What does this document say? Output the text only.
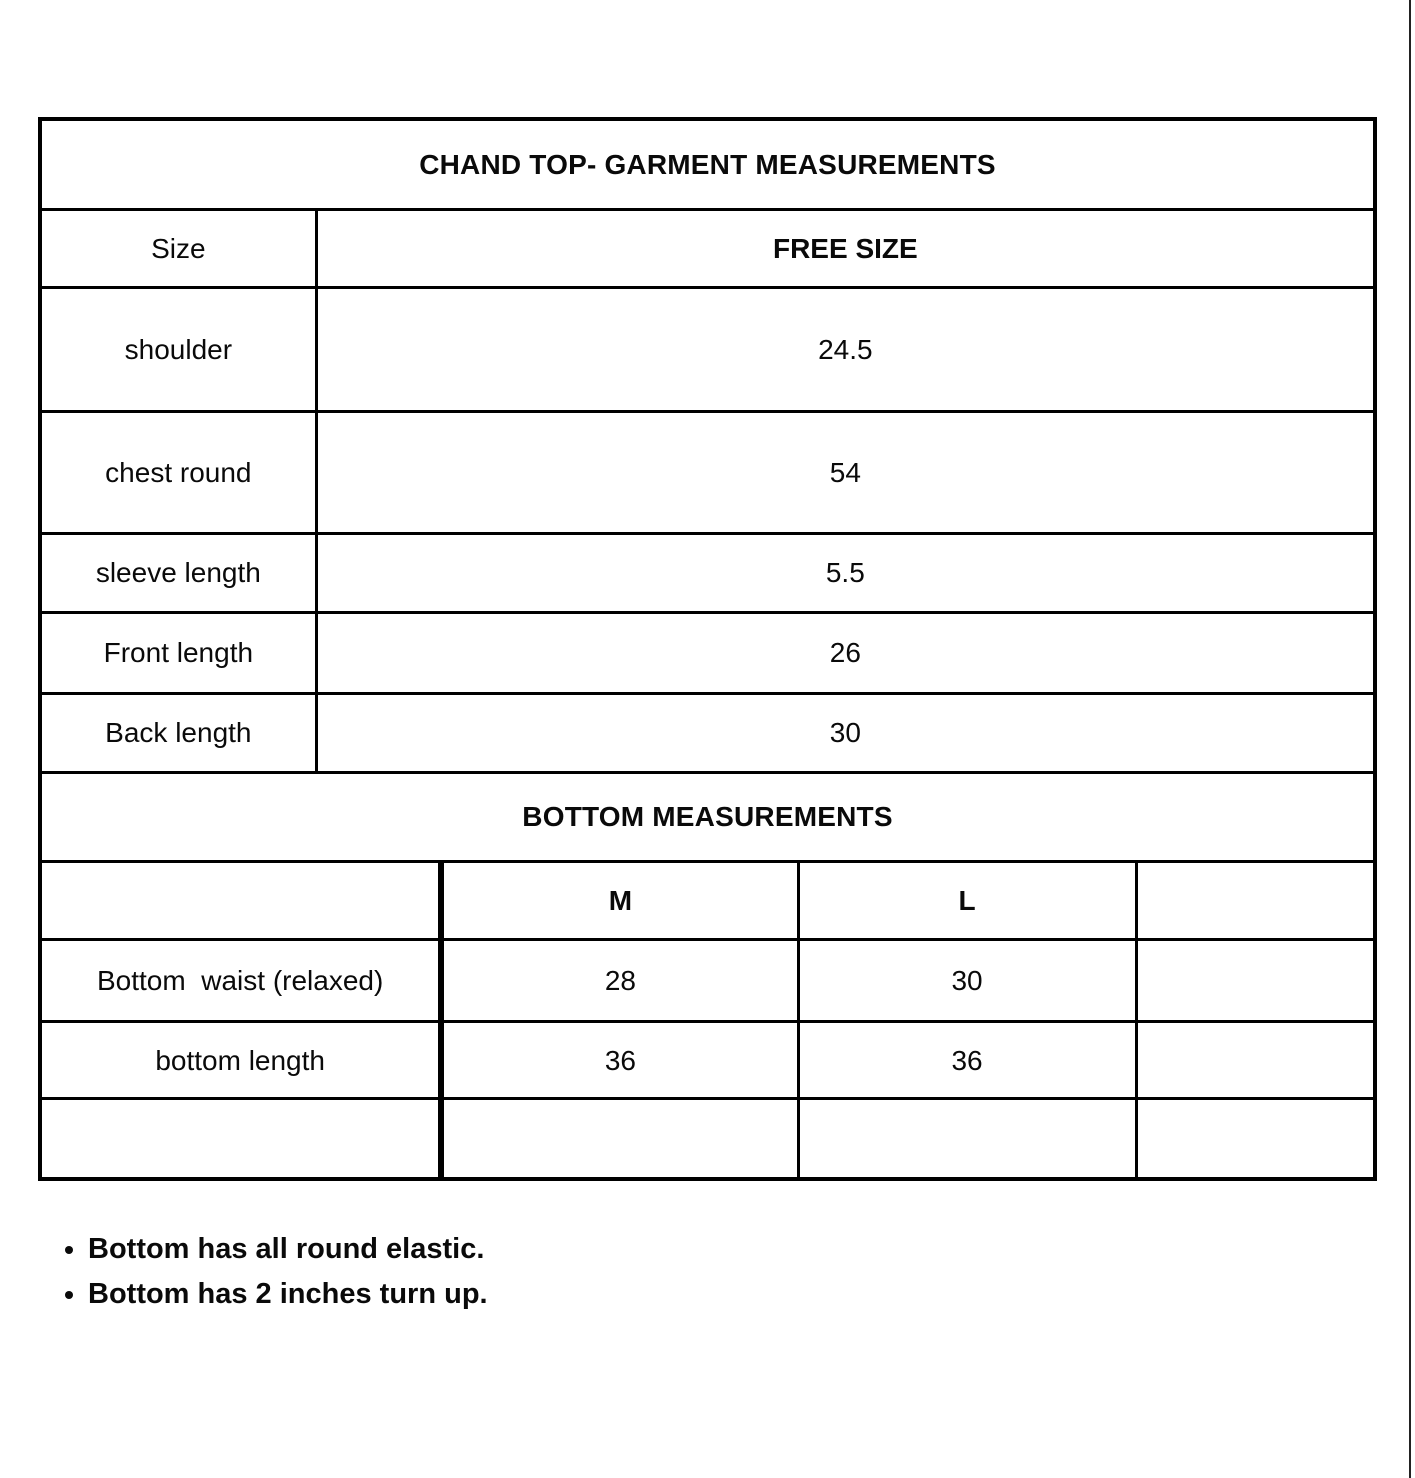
CHAND TOP- GARMENT MEASUREMENTS	
Size	FREE SIZE
shoulder	24.5
chest round	54
sleeve length	5.5
Front length	26
Back length	30
BOTTOM MEASUREMENTS	
	M	L	
Bottom  waist (relaxed)	28	30	
bottom length	36	36	

• Bottom has all round elastic.
• Bottom has 2 inches turn up.
